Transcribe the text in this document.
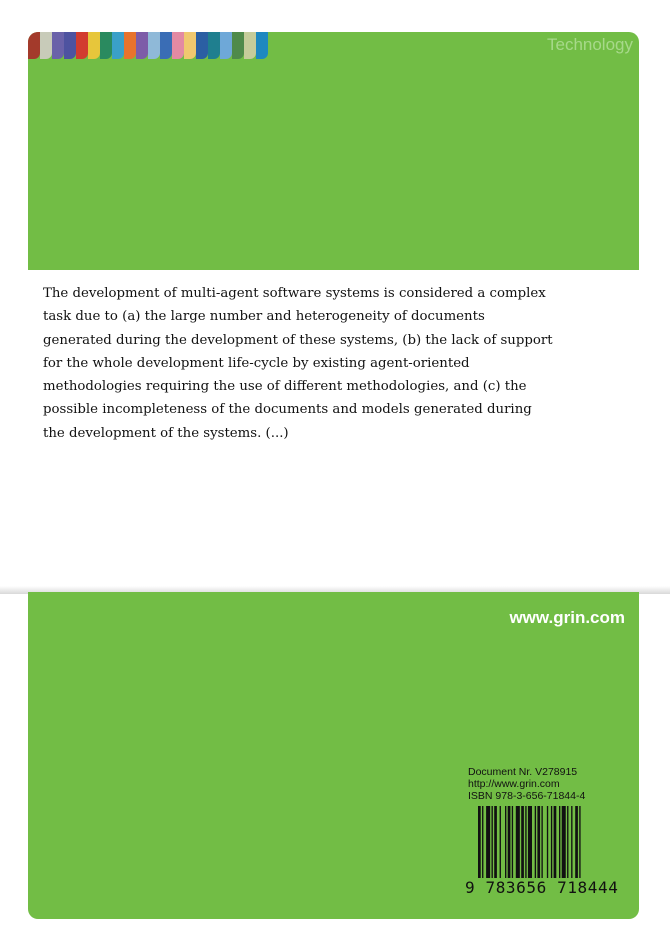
Technology

The development of multi-agent software systems is considered a complex task due to (a) the large number and heterogeneity of documents generated during the development of these systems, (b) the lack of support for the whole development life-cycle by existing agent-oriented methodologies requiring the use of different methodologies, and (c) the possible incompleteness of the documents and models generated during the development of the systems. (...)

www.grin.com
Document Nr. V278915
http://www.grin.com
ISBN 978-3-656-71844-4
9 783656 718444
